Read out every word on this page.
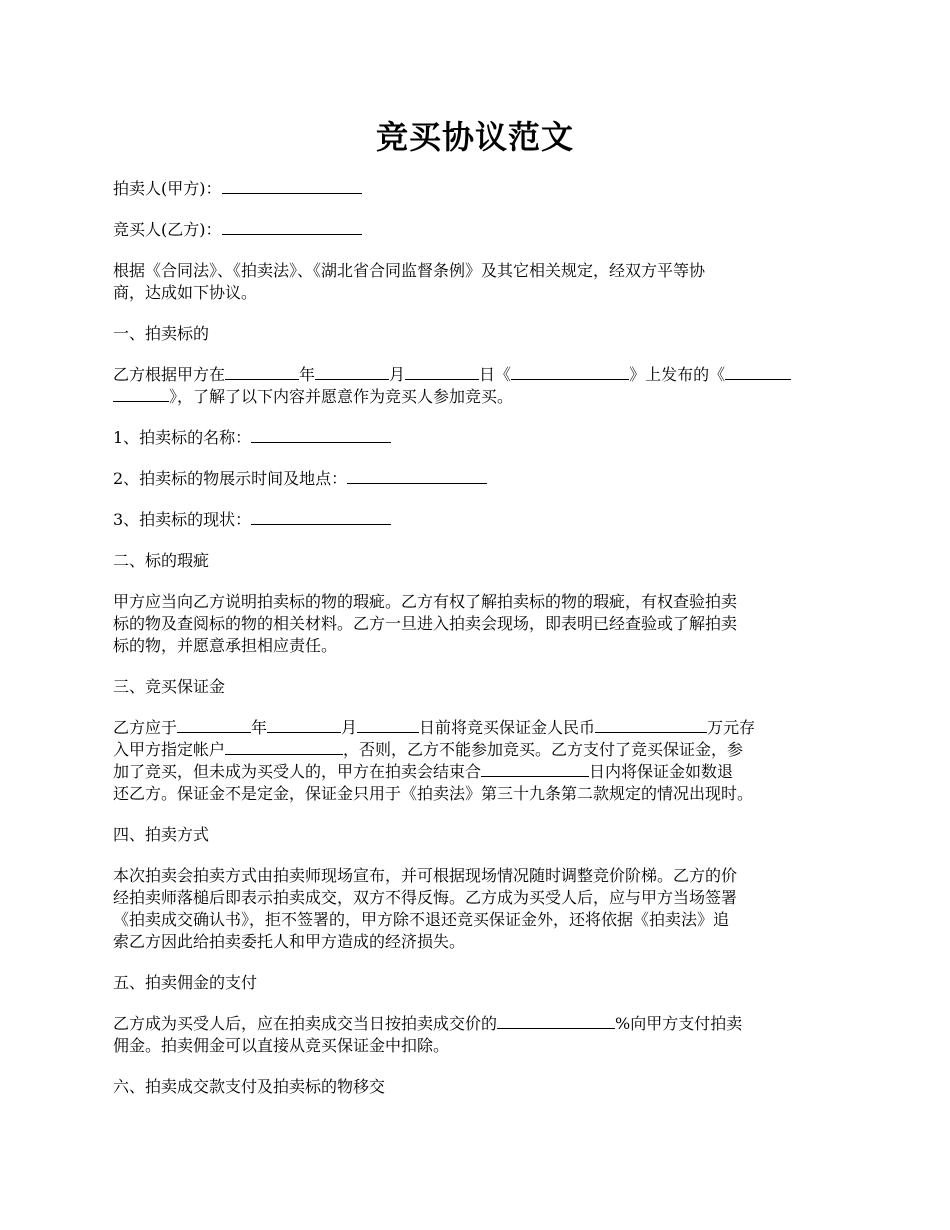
竞买协议范文
拍卖人(甲方)：
竞买人(乙方)：
根据《合同法》、《拍卖法》、《湖北省合同监督条例》及其它相关规定，经双方平等协
商，达成如下协议。
一、拍卖标的
乙方根据甲方在	年	月	日《	》上发布的《
》，了解了以下内容并愿意作为竞买人参加竞买。
1、拍卖标的名称：
2、拍卖标的物展示时间及地点：
3、拍卖标的现状：
二、标的瑕疵
甲方应当向乙方说明拍卖标的物的瑕疵。乙方有权了解拍卖标的物的瑕疵，有权查验拍卖
标的物及查阅标的物的相关材料。乙方一旦进入拍卖会现场，即表明已经查验或了解拍卖
标的物，并愿意承担相应责任。
三、竞买保证金
乙方应于	年	月	日前将竞买保证金人民币	万元存
入甲方指定帐户	，否则，乙方不能参加竞买。乙方支付了竞买保证金，参
加了竞买，但未成为买受人的，甲方在拍卖会结束合	日内将保证金如数退
还乙方。保证金不是定金，保证金只用于《拍卖法》第三十九条第二款规定的情况出现时。
四、拍卖方式
本次拍卖会拍卖方式由拍卖师现场宣布，并可根据现场情况随时调整竞价阶梯。乙方的价
经拍卖师落槌后即表示拍卖成交，双方不得反悔。乙方成为买受人后，应与甲方当场签署
《拍卖成交确认书》，拒不签署的，甲方除不退还竞买保证金外，还将依据《拍卖法》追
索乙方因此给拍卖委托人和甲方造成的经济损失。
五、拍卖佣金的支付
乙方成为买受人后，应在拍卖成交当日按拍卖成交价的	%向甲方支付拍卖
佣金。拍卖佣金可以直接从竞买保证金中扣除。
六、拍卖成交款支付及拍卖标的物移交
